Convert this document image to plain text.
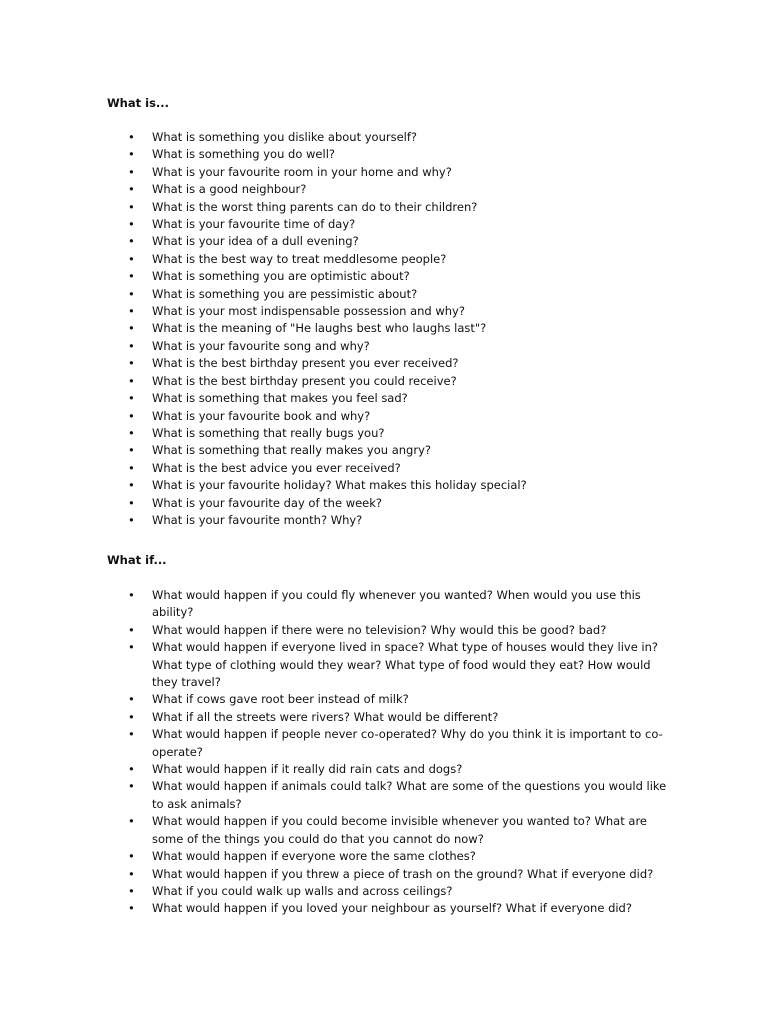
What is...
• What is something you dislike about yourself?
• What is something you do well?
• What is your favourite room in your home and why?
• What is a good neighbour?
• What is the worst thing parents can do to their children?
• What is your favourite time of day?
• What is your idea of a dull evening?
• What is the best way to treat meddlesome people?
• What is something you are optimistic about?
• What is something you are pessimistic about?
• What is your most indispensable possession and why?
• What is the meaning of "He laughs best who laughs last"?
• What is your favourite song and why?
• What is the best birthday present you ever received?
• What is the best birthday present you could receive?
• What is something that makes you feel sad?
• What is your favourite book and why?
• What is something that really bugs you?
• What is something that really makes you angry?
• What is the best advice you ever received?
• What is your favourite holiday? What makes this holiday special?
• What is your favourite day of the week?
• What is your favourite month? Why?
What if...
• What would happen if you could fly whenever you wanted? When would you use this
ability?
• What would happen if there were no television? Why would this be good? bad?
• What would happen if everyone lived in space? What type of houses would they live in?
What type of clothing would they wear? What type of food would they eat? How would
they travel?
• What if cows gave root beer instead of milk?
• What if all the streets were rivers? What would be different?
• What would happen if people never co-operated? Why do you think it is important to co-
operate?
• What would happen if it really did rain cats and dogs?
• What would happen if animals could talk? What are some of the questions you would like
to ask animals?
• What would happen if you could become invisible whenever you wanted to? What are
some of the things you could do that you cannot do now?
• What would happen if everyone wore the same clothes?
• What would happen if you threw a piece of trash on the ground? What if everyone did?
• What if you could walk up walls and across ceilings?
• What would happen if you loved your neighbour as yourself? What if everyone did?
